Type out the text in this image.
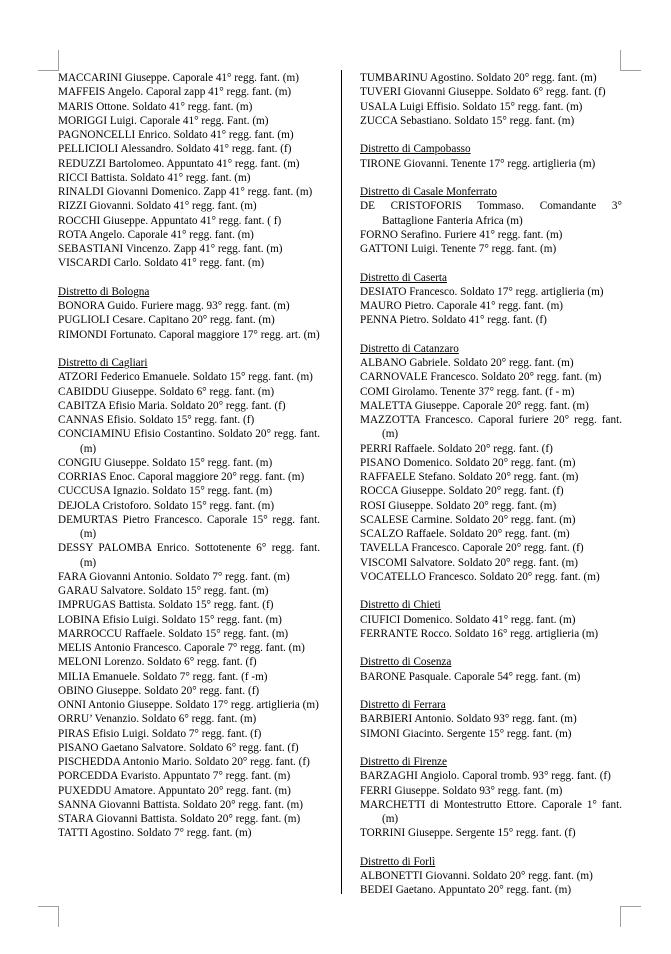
MACCARINI Giuseppe. Caporale 41° regg. fant. (m)
MAFFEIS Angelo. Caporal zapp 41° regg. fant. (m)
MARIS Ottone. Soldato 41° regg. fant. (m)
MORIGGI Luigi. Caporale 41° regg. Fant. (m)
PAGNONCELLI Enrico. Soldato 41° regg. fant. (m)
PELLICIOLI Alessandro. Soldato 41° regg. fant. (f)
REDUZZI Bartolomeo. Appuntato 41° regg. fant. (m)
RICCI Battista. Soldato 41° regg. fant. (m)
RINALDI Giovanni Domenico. Zapp 41° regg. fant. (m)
RIZZI Giovanni. Soldato 41° regg. fant. (m)
ROCCHI Giuseppe. Appuntato 41° regg. fant. ( f)
ROTA Angelo. Caporale 41° regg. fant. (m)
SEBASTIANI Vincenzo. Zapp 41° regg. fant. (m)
VISCARDI Carlo. Soldato 41° regg. fant. (m)
Distretto di Bologna
BONORA Guido. Furiere magg. 93° regg. fant. (m)
PUGLIOLI Cesare. Capitano 20° regg. fant. (m)
RIMONDI Fortunato. Caporal maggiore 17° regg. art. (m)
Distretto di Cagliari
ATZORI Federico Emanuele. Soldato 15° regg. fant. (m)
CABIDDU Giuseppe. Soldato 6° regg. fant. (m)
CABITZA Efisio Maria. Soldato 20° regg. fant. (f)
CANNAS Efisio. Soldato 15° regg. fant. (f)
CONCIAMINU Efisio Costantino. Soldato 20° regg. fant. (m)
CONGIU Giuseppe. Soldato 15° regg. fant. (m)
CORRIAS Enoc. Caporal maggiore 20° regg. fant. (m)
CUCCUSA Ignazio. Soldato 15° regg. fant. (m)
DEJOLA Cristoforo. Soldato 15° regg. fant. (m)
DEMURTAS Pietro Francesco. Caporale 15° regg. fant. (m)
DESSY PALOMBA Enrico. Sottotenente 6° regg. fant. (m)
FARA Giovanni Antonio. Soldato 7° regg. fant. (m)
GARAU Salvatore. Soldato 15° regg. fant. (m)
IMPRUGAS Battista. Soldato 15° regg. fant. (f)
LOBINA Efisio Luigi. Soldato 15° regg. fant. (m)
MARROCCU Raffaele. Soldato 15° regg. fant. (m)
MELIS Antonio Francesco. Caporale 7° regg. fant. (m)
MELONI Lorenzo. Soldato 6° regg. fant. (f)
MILIA Emanuele. Soldato 7° regg. fant. (f -m)
OBINO Giuseppe. Soldato 20° regg. fant. (f)
ONNI Antonio Giuseppe. Soldato 17° regg. artiglieria (m)
ORRU’ Venanzio. Soldato 6° regg. fant. (m)
PIRAS Efisio Luigi. Soldato 7° regg. fant. (f)
PISANO Gaetano Salvatore. Soldato 6° regg. fant. (f)
PISCHEDDA Antonio Mario. Soldato 20° regg. fant. (f)
PORCEDDA Evaristo. Appuntato 7° regg. fant. (m)
PUXEDDU Amatore. Appuntato 20° regg. fant. (m)
SANNA Giovanni Battista. Soldato 20° regg. fant. (m)
STARA Giovanni Battista. Soldato 20° regg. fant. (m)
TATTI Agostino. Soldato 7° regg. fant. (m)
TUMBARINU Agostino. Soldato 20° regg. fant. (m)
TUVERI Giovanni Giuseppe. Soldato 6° regg. fant. (f)
USALA Luigi Effisio. Soldato 15° regg. fant. (m)
ZUCCA Sebastiano. Soldato 15° regg. fant. (m)
Distretto di Campobasso
TIRONE Giovanni. Tenente 17° regg. artiglieria (m)
Distretto di Casale Monferrato
DE CRISTOFORIS Tommaso. Comandante 3° Battaglione Fanteria Africa (m)
FORNO Serafino. Furiere 41° regg. fant. (m)
GATTONI Luigi. Tenente 7° regg. fant. (m)
Distretto di Caserta
DESIATO Francesco. Soldato 17° regg. artiglieria (m)
MAURO Pietro. Caporale 41° regg. fant. (m)
PENNA Pietro. Soldato 41° regg. fant. (f)
Distretto di Catanzaro
ALBANO Gabriele. Soldato 20° regg. fant. (m)
CARNOVALE Francesco. Soldato 20° regg. fant. (m)
COMI Girolamo. Tenente 37° regg. fant. (f - m)
MALETTA Giuseppe. Caporale 20° regg. fant. (m)
MAZZOTTA Francesco. Caporal furiere 20° regg. fant.(m)
PERRI Raffaele. Soldato 20° regg. fant. (f)
PISANO Domenico. Soldato 20° regg. fant. (m)
RAFFAELE Stefano. Soldato 20° regg. fant. (m)
ROCCA Giuseppe. Soldato 20° regg. fant. (f)
ROSI Giuseppe. Soldato 20° regg. fant. (m)
SCALESE Carmine. Soldato 20° regg. fant. (m)
SCALZO Raffaele. Soldato 20° regg. fant. (m)
TAVELLA Francesco. Caporale 20° regg. fant. (f)
VISCOMI Salvatore. Soldato 20° regg. fant. (m)
VOCATELLO Francesco. Soldato 20° regg. fant. (m)
Distretto di Chieti
CIUFICI Domenico. Soldato 41° regg. fant. (m)
FERRANTE Rocco. Soldato 16° regg. artiglieria (m)
Distretto di Cosenza
BARONE Pasquale. Caporale 54° regg. fant. (m)
Distretto di Ferrara
BARBIERI Antonio. Soldato 93° regg. fant. (m)
SIMONI Giacinto. Sergente 15° regg. fant. (m)
Distretto di Firenze
BARZAGHI Angiolo. Caporal tromb. 93° regg. fant. (f)
FERRI Giuseppe. Soldato 93° regg. fant. (m)
MARCHETTI di Montestrutto Ettore. Caporale 1° fant. (m)
TORRINI Giuseppe. Sergente 15° regg. fant. (f)
Distretto di Forlì
ALBONETTI Giovanni. Soldato 20° regg. fant. (m)
BEDEI Gaetano. Appuntato 20° regg. fant. (m)
